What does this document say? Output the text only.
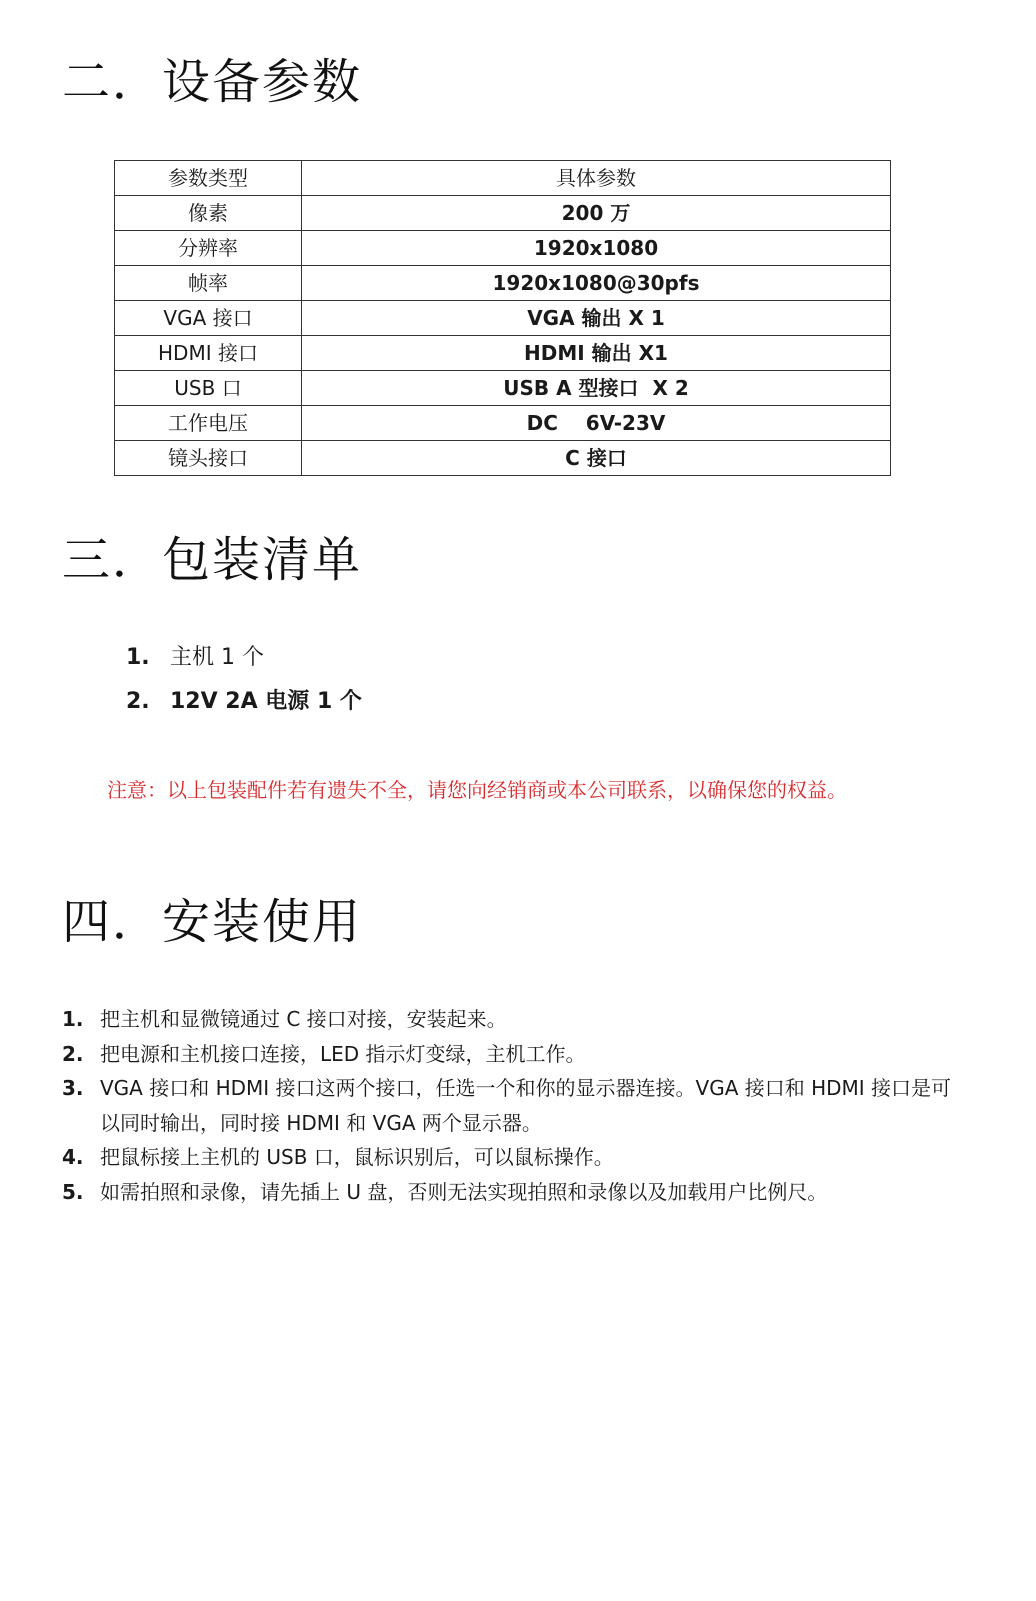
二．设备参数
参数类型	具体参数
像素	200 万
分辨率	1920x1080
帧率	1920x1080@30pfs
VGA 接口	VGA 输出 X 1
HDMI 接口	HDMI 输出 X1
USB 口	USB A 型接口  X 2
工作电压	DC    6V-23V
镜头接口	C 接口
三．包装清单
1. 主机 1 个
2. 12V 2A 电源 1 个

注意：以上包装配件若有遗失不全，请您向经销商或本公司联系，以确保您的权益。

四．安装使用
1. 把主机和显微镜通过 C 接口对接，安装起来。
2. 把电源和主机接口连接，LED 指示灯变绿，主机工作。
3. VGA 接口和 HDMI 接口这两个接口，任选一个和你的显示器连接。VGA 接口和 HDMI 接口是可以同时输出，同时接 HDMI 和 VGA 两个显示器。
4. 把鼠标接上主机的 USB 口，鼠标识别后，可以鼠标操作。
5. 如需拍照和录像，请先插上 U 盘，否则无法实现拍照和录像以及加载用户比例尺。
